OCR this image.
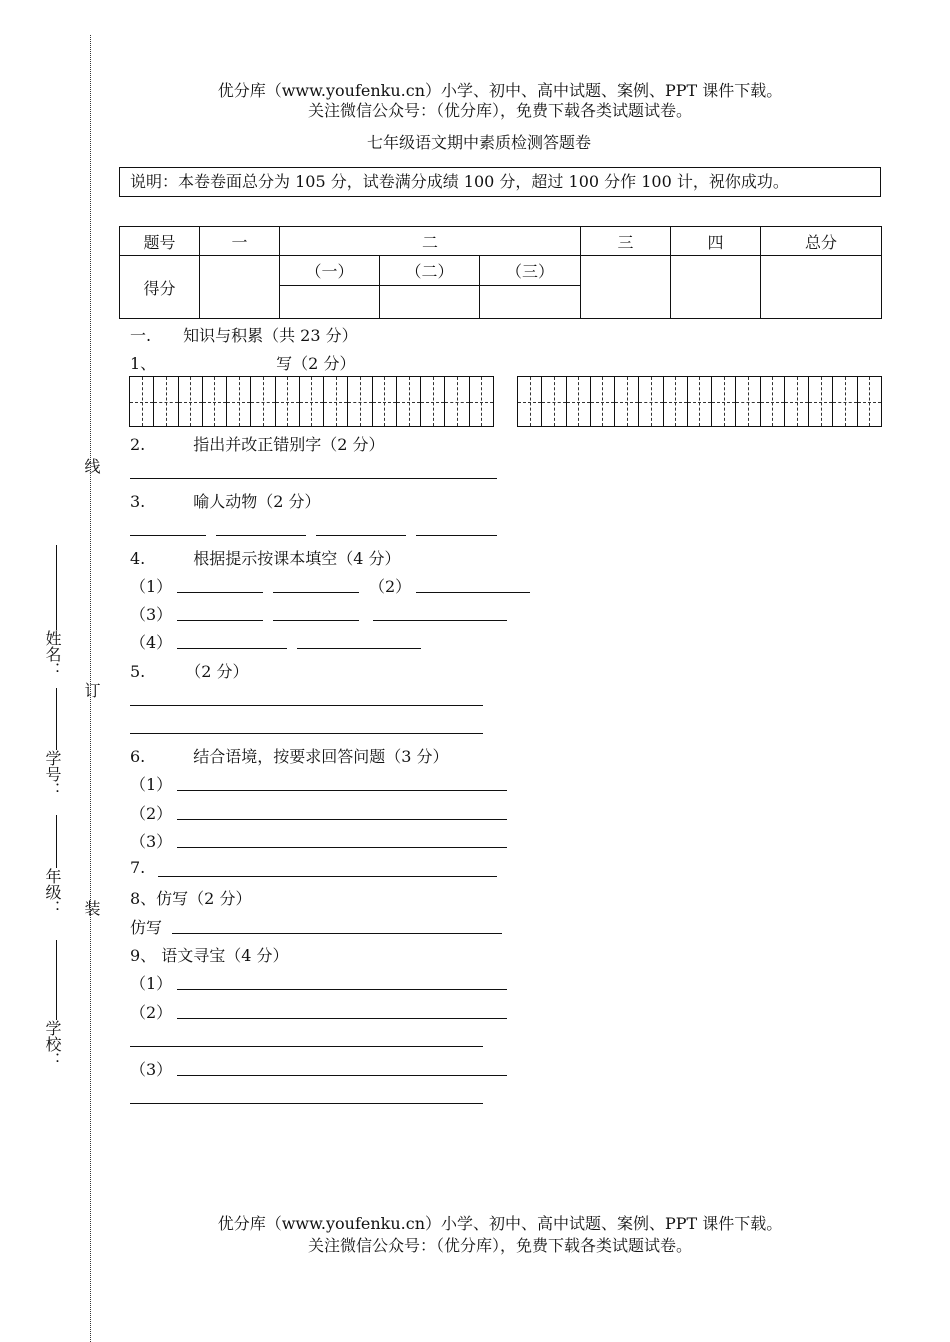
线
订
装
姓名：
学号：
年级：
学校：
优分库（www.youfenku.cn）小学、初中、高中试题、案例、PPT 课件下载。
关注微信公众号：（优分库），免费下载各类试题试卷。
七年级语文期中素质检测答题卷
说明：本卷卷面总分为 105 分，试卷满分成绩 100 分，超过 100 分作 100 计，祝你成功。
题号	一	二			三	四	总分
得分		（一）	（二）	（三）			

一.　　知识与积累（共 23 分）
1、　　　　　　　　写（2 分）
2.　　　指出并改正错别字（2 分）
3.　　　喻人动物（2 分）
4.　　　根据提示按课本填空（4 分）
（1）	（2）
（3）
（4）
5.　　　（2 分）
6.　　　结合语境，按要求回答问题（3 分）
（1）
（2）
（3）
7.
8、仿写（2 分）
仿写
9、 语文寻宝（4 分）
（1）
（2）
（3）
优分库（www.youfenku.cn）小学、初中、高中试题、案例、PPT 课件下载。
关注微信公众号：（优分库），免费下载各类试题试卷。
